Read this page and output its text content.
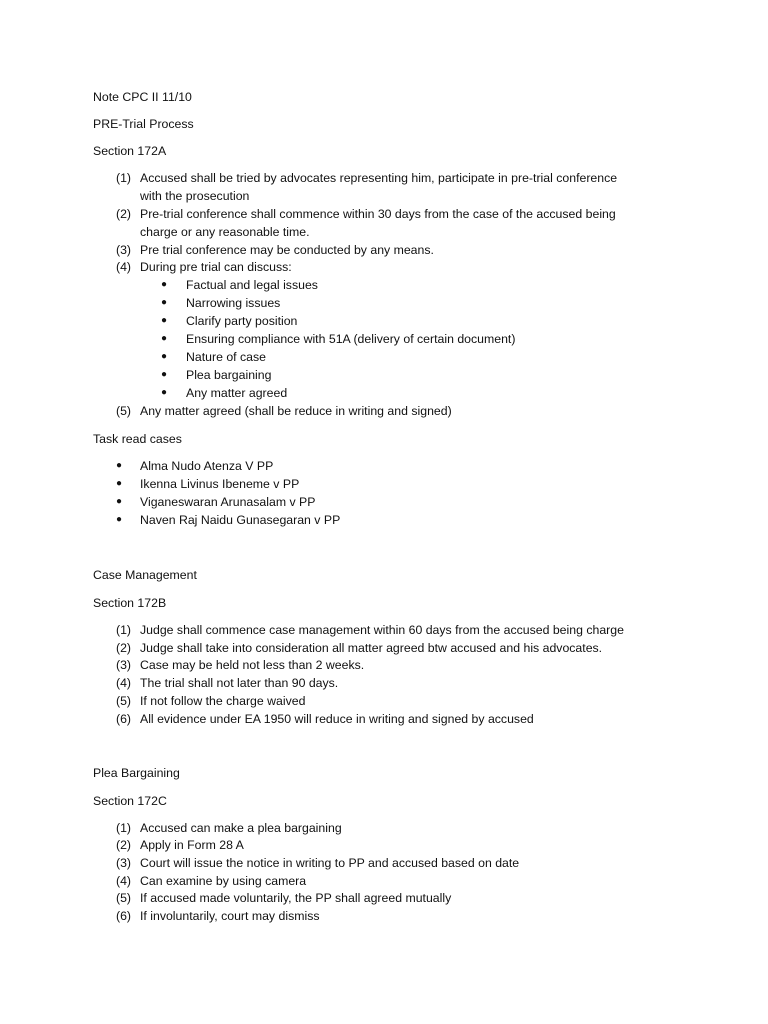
Note CPC II 11/10
PRE-Trial Process
Section 172A
(1) Accused shall be tried by advocates representing him, participate in pre-trial conference
with the prosecution
(2) Pre-trial conference shall commence within 30 days from the case of the accused being
charge or any reasonable time.
(3) Pre trial conference may be conducted by any means.
(4) During pre trial can discuss:
● Factual and legal issues
● Narrowing issues
● Clarify party position
● Ensuring compliance with 51A (delivery of certain document)
● Nature of case
● Plea bargaining
● Any matter agreed
(5) Any matter agreed (shall be reduce in writing and signed)
Task read cases
● Alma Nudo Atenza V PP
● Ikenna Livinus Ibeneme v PP
● Viganeswaran Arunasalam v PP
● Naven Raj Naidu Gunasegaran v PP
Case Management
Section 172B
(1) Judge shall commence case management within 60 days from the accused being charge
(2) Judge shall take into consideration all matter agreed btw accused and his advocates.
(3) Case may be held not less than 2 weeks.
(4) The trial shall not later than 90 days.
(5) If not follow the charge waived
(6) All evidence under EA 1950 will reduce in writing and signed by accused
Plea Bargaining
Section 172C
(1) Accused can make a plea bargaining
(2) Apply in Form 28 A
(3) Court will issue the notice in writing to PP and accused based on date
(4) Can examine by using camera
(5) If accused made voluntarily, the PP shall agreed mutually
(6) If involuntarily, court may dismiss
